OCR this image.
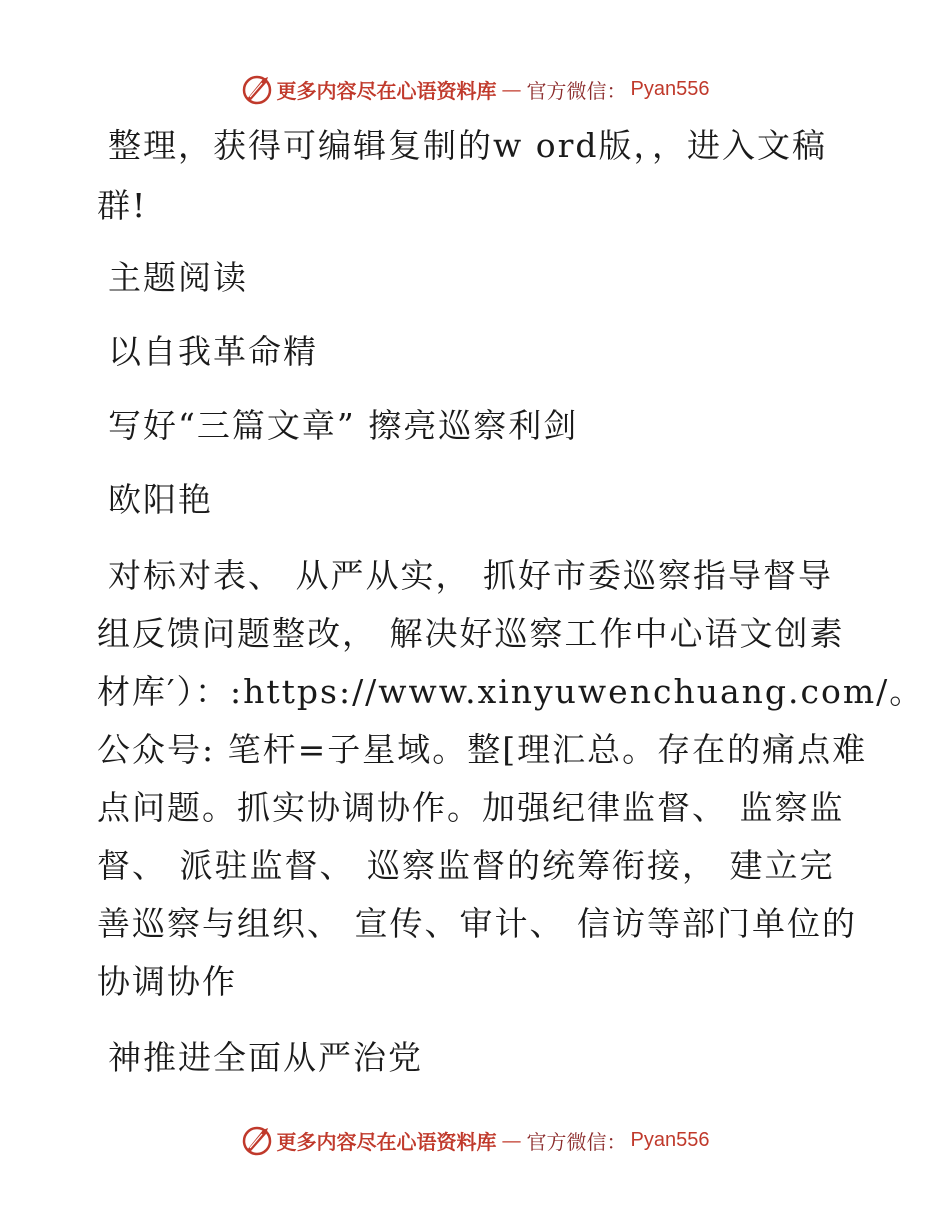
更多内容尽在心语资料库 — 官方微信： Pyan556
整理，获得可编辑复制的w ord版，，进入文稿
群!
主题阅读
以自我革命精
写好“三篇文章” 擦亮巡察利剑
欧阳艳
对标对表、 从严从实， 抓好市委巡察指导督导
组反馈问题整改， 解决好巡察工作中心语文创素
材库′）：:https://www.xinyuwenchuang.com/。
公众号: 笔杆=子星域。整[理汇总。存在的痛点难
点问题。抓实协调协作。加强纪律监督、 监察监
督、 派驻监督、 巡察监督的统筹衔接， 建立完
善巡察与组织、 宣传、审计、 信访等部门单位的
协调协作
神推进全面从严治党
更多内容尽在心语资料库 — 官方微信： Pyan556
